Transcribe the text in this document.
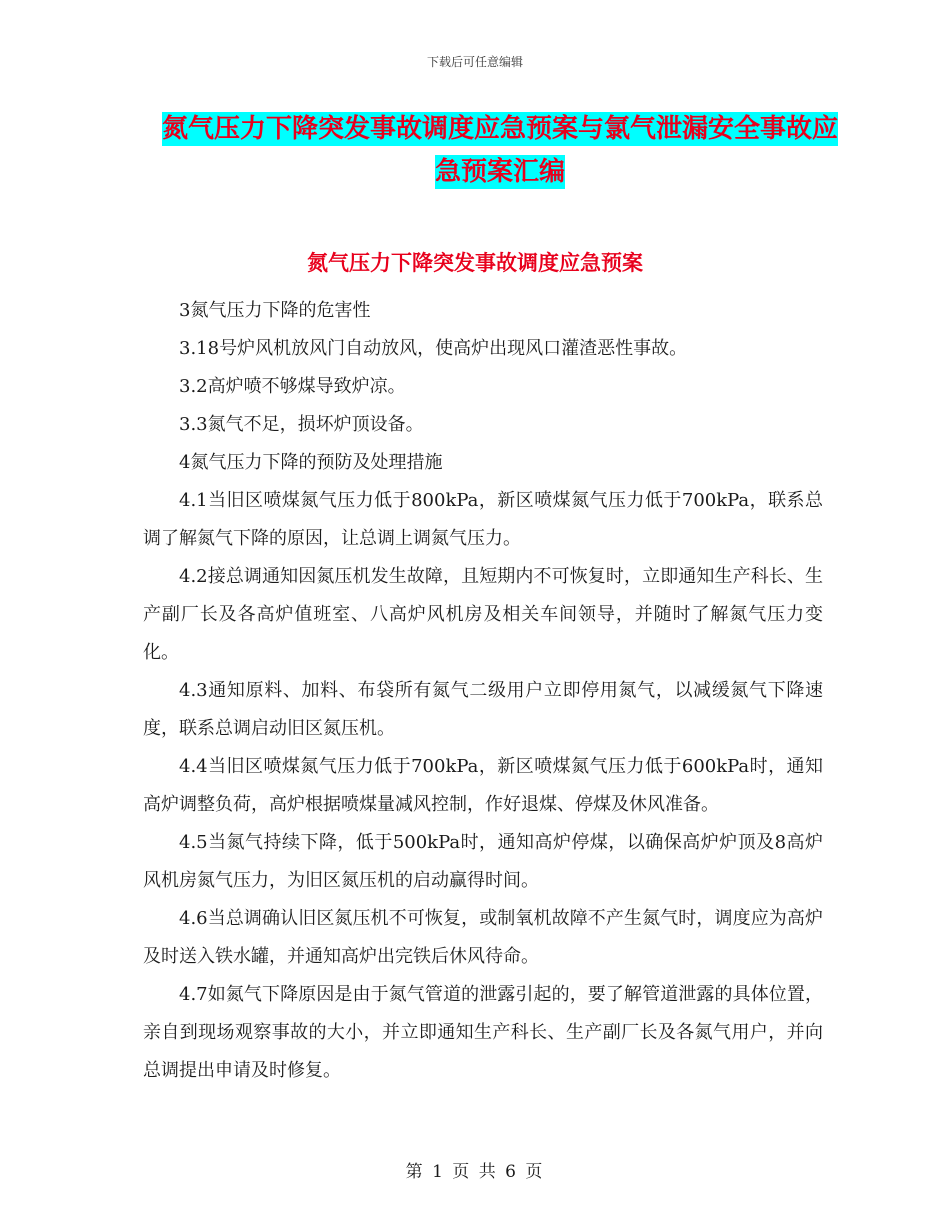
下载后可任意编辑
氮气压力下降突发事故调度应急预案与氯气泄漏安全事故应急预案汇编
氮气压力下降突发事故调度应急预案

3氮气压力下降的危害性

3.18号炉风机放风门自动放风，使高炉出现风口灌渣恶性事故。

3.2高炉喷不够煤导致炉凉。

3.3氮气不足，损坏炉顶设备。

4氮气压力下降的预防及处理措施

4.1当旧区喷煤氮气压力低于800kPa，新区喷煤氮气压力低于700kPa，联系总调了解氮气下降的原因，让总调上调氮气压力。

4.2接总调通知因氮压机发生故障，且短期内不可恢复时，立即通知生产科长、生产副厂长及各高炉值班室、八高炉风机房及相关车间领导，并随时了解氮气压力变化。

4.3通知原料、加料、布袋所有氮气二级用户立即停用氮气，以减缓氮气下降速度，联系总调启动旧区氮压机。

4.4当旧区喷煤氮气压力低于700kPa，新区喷煤氮气压力低于600kPa时，通知高炉调整负荷，高炉根据喷煤量减风控制，作好退煤、停煤及休风准备。

4.5当氮气持续下降，低于500kPa时，通知高炉停煤，以确保高炉炉顶及8高炉风机房氮气压力，为旧区氮压机的启动赢得时间。

4.6当总调确认旧区氮压机不可恢复，或制氧机故障不产生氮气时，调度应为高炉及时送入铁水罐，并通知高炉出完铁后休风待命。

4.7如氮气下降原因是由于氮气管道的泄露引起的，要了解管道泄露的具体位置，亲自到现场观察事故的大小，并立即通知生产科长、生产副厂长及各氮气用户，并向总调提出申请及时修复。

第 1 页 共 6 页
